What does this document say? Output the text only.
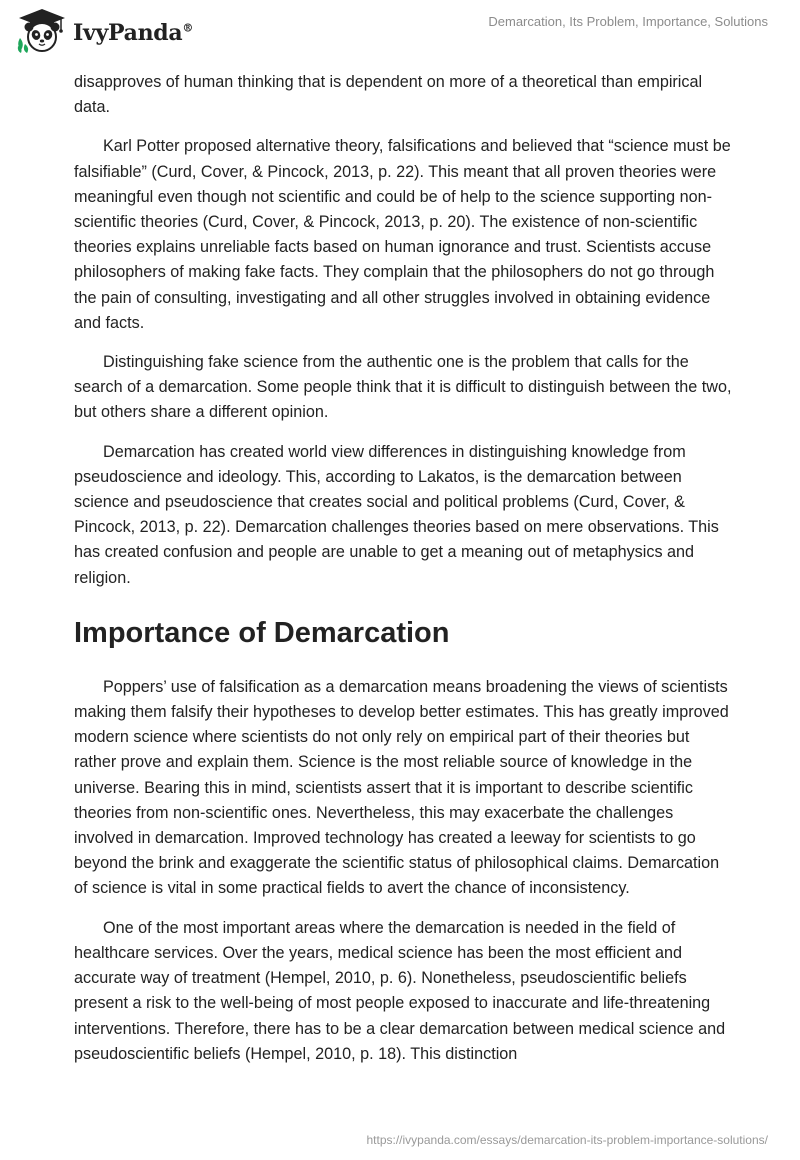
IvyPanda®	Demarcation, Its Problem, Importance, Solutions

disapproves of human thinking that is dependent on more of a theoretical than empirical data.

Karl Potter proposed alternative theory, falsifications and believed that “science must be falsifiable” (Curd, Cover, & Pincock, 2013, p. 22). This meant that all proven theories were meaningful even though not scientific and could be of help to the science supporting non-scientific theories (Curd, Cover, & Pincock, 2013, p. 20). The existence of non-scientific theories explains unreliable facts based on human ignorance and trust. Scientists accuse philosophers of making fake facts. They complain that the philosophers do not go through the pain of consulting, investigating and all other struggles involved in obtaining evidence and facts.

Distinguishing fake science from the authentic one is the problem that calls for the search of a demarcation. Some people think that it is difficult to distinguish between the two, but others share a different opinion.

Demarcation has created world view differences in distinguishing knowledge from pseudoscience and ideology. This, according to Lakatos, is the demarcation between science and pseudoscience that creates social and political problems (Curd, Cover, & Pincock, 2013, p. 22). Demarcation challenges theories based on mere observations. This has created confusion and people are unable to get a meaning out of metaphysics and religion.

Importance of Demarcation

Poppers’ use of falsification as a demarcation means broadening the views of scientists making them falsify their hypotheses to develop better estimates. This has greatly improved modern science where scientists do not only rely on empirical part of their theories but rather prove and explain them. Science is the most reliable source of knowledge in the universe. Bearing this in mind, scientists assert that it is important to describe scientific theories from non-scientific ones. Nevertheless, this may exacerbate the challenges involved in demarcation. Improved technology has created a leeway for scientists to go beyond the brink and exaggerate the scientific status of philosophical claims. Demarcation of science is vital in some practical fields to avert the chance of inconsistency.

One of the most important areas where the demarcation is needed in the field of healthcare services. Over the years, medical science has been the most efficient and accurate way of treatment (Hempel, 2010, p. 6). Nonetheless, pseudoscientific beliefs present a risk to the well-being of most people exposed to inaccurate and life-threatening interventions. Therefore, there has to be a clear demarcation between medical science and pseudoscientific beliefs (Hempel, 2010, p. 18). This distinction

https://ivypanda.com/essays/demarcation-its-problem-importance-solutions/
